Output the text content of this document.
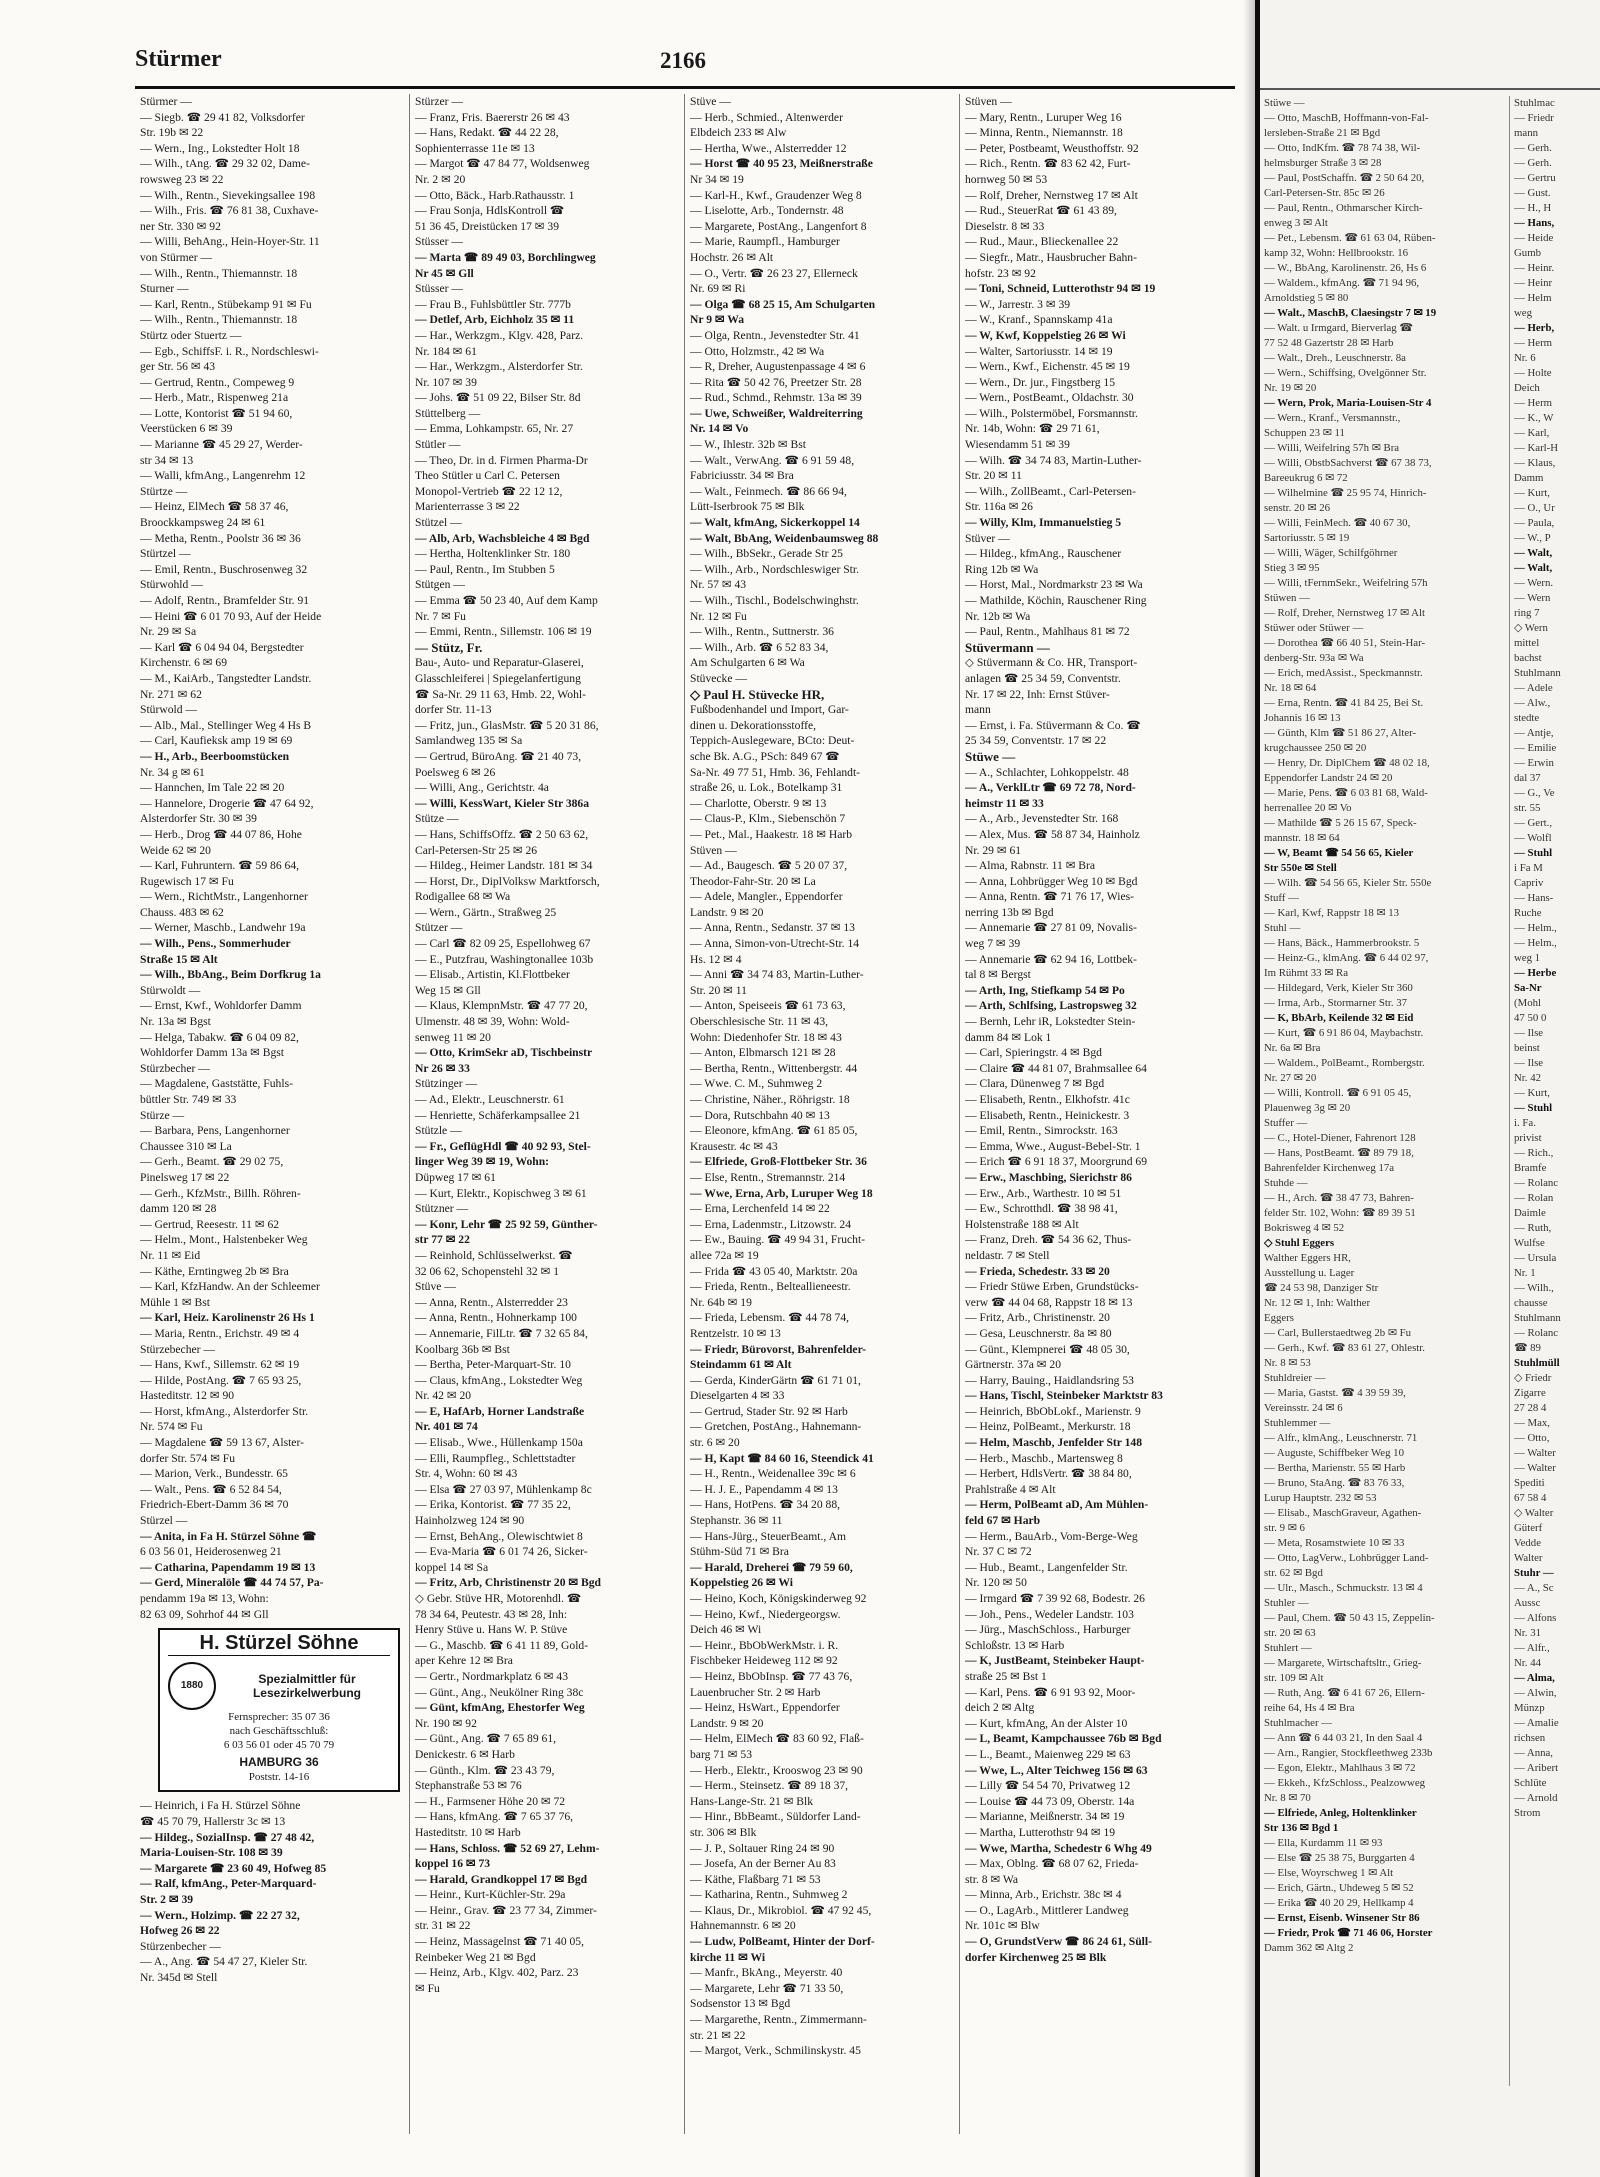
Stürmer	2166
Stürmer —
— Siegb. ☎ 29 41 82, Volksdorfer
Str. 19b ✉ 22
— Wern., Ing., Lokstedter Holt 18
— Wilh., tAng. ☎ 29 32 02, Dame-
rowsweg 23 ✉ 22
— Wilh., Rentn., Sievekingsallee 198
— Wilh., Fris. ☎ 76 81 38, Cuxhave-
ner Str. 330 ✉ 92
— Willi, BehAng., Hein-Hoyer-Str. 11
von Stürmer —
— Wilh., Rentn., Thiemannstr. 18
Sturner —
— Karl, Rentn., Stübekamp 91 ✉ Fu
— Wilh., Rentn., Thiemannstr. 18
Stürtz oder Stuertz —
— Egb., SchiffsF. i. R., Nordschleswi-
ger Str. 56 ✉ 43
— Gertrud, Rentn., Compeweg 9
— Herb., Matr., Rispenweg 21a
— Lotte, Kontorist ☎ 51 94 60,
Veerstücken 6 ✉ 39
— Marianne ☎ 45 29 27, Werder-
str 34 ✉ 13
— Walli, kfmAng., Langenrehm 12
Stürtze —
— Heinz, ElMech ☎ 58 37 46,
Broockkampsweg 24 ✉ 61
— Metha, Rentn., Poolstr 36 ✉ 36
Stürtzel —
— Emil, Rentn., Buschrosenweg 32
Stürwohld —
— Adolf, Rentn., Bramfelder Str. 91
— Heini ☎ 6 01 70 93, Auf der Heide
Nr. 29 ✉ Sa
— Karl ☎ 6 04 94 04, Bergstedter
Kirchenstr. 6 ✉ 69
— M., KaiArb., Tangstedter Landstr.
Nr. 271 ✉ 62
Stürwold —
— Alb., Mal., Stellinger Weg 4 Hs B
— Carl, Kaufieksk amp 19 ✉ 69
— H., Arb., Beerboomstücken
Nr. 34 g ✉ 61
— Hannchen, Im Tale 22 ✉ 20
— Hannelore, Drogerie ☎ 47 64 92,
Alsterdorfer Str. 30 ✉ 39
— Herb., Drog ☎ 44 07 86, Hohe
Weide 62 ✉ 20
— Karl, Fuhruntern. ☎ 59 86 64,
Rugewisch 17 ✉ Fu
— Wern., RichtMstr., Langenhorner
Chauss. 483 ✉ 62
— Werner, Maschb., Landwehr 19a
— Wilh., Pens., Sommerhuder
Straße 15 ✉ Alt
— Wilh., BbAng., Beim Dorfkrug 1a
Stürwoldt —
— Ernst, Kwf., Wohldorfer Damm
Nr. 13a ✉ Bgst
— Helga, Tabakw. ☎ 6 04 09 82,
Wohldorfer Damm 13a ✉ Bgst
Stürzbecher —
— Magdalene, Gaststätte, Fuhls-
büttler Str. 749 ✉ 33
Stürze —
— Barbara, Pens, Langenhorner
Chaussee 310 ✉ La
— Gerh., Beamt. ☎ 29 02 75,
Pinelsweg 17 ✉ 22
— Gerh., KfzMstr., Billh. Röhren-
damm 120 ✉ 28
— Gertrud, Reesestr. 11 ✉ 62
— Helm., Mont., Halstenbeker Weg
Nr. 11 ✉ Eid
— Käthe, Erntingweg 2b ✉ Bra
— Karl, KfzHandw. An der Schleemer
Mühle 1 ✉ Bst
— Karl, Heiz. Karolinenstr 26 Hs 1
— Maria, Rentn., Erichstr. 49 ✉ 4
Stürzebecher —
— Hans, Kwf., Sillemstr. 62 ✉ 19
— Hilde, PostAng. ☎ 7 65 93 25,
Hasteditstr. 12 ✉ 90
— Horst, kfmAng., Alsterdorfer Str.
Nr. 574 ✉ Fu
— Magdalene ☎ 59 13 67, Alster-
dorfer Str. 574 ✉ Fu
— Marion, Verk., Bundesstr. 65
— Walt., Pens. ☎ 6 52 84 54,
Friedrich-Ebert-Damm 36 ✉ 70
Stürzel —
— Anita, in Fa H. Stürzel Söhne ☎
6 03 56 01, Heiderosenweg 21
— Catharina, Papendamm 19 ✉ 13
— Gerd, Mineralöle ☎ 44 74 57, Pa-
pendamm 19a ✉ 13, Wohn:
82 63 09, Sohrhof 44 ✉ Gll
H. Stürzel Söhne
1880	Spezialmittler für Lesezirkelwerbung
Fernsprecher: 35 07 36
nach Geschäftsschluß:
6 03 56 01 oder 45 70 79
HAMBURG 36
Poststr. 14-16
— Heinrich, i Fa H. Stürzel Söhne
☎ 45 70 79, Hallerstr 3c ✉ 13
— Hildeg., SozialInsp. ☎ 27 48 42,
Maria-Louisen-Str. 108 ✉ 39
— Margarete ☎ 23 60 49, Hofweg 85
— Ralf, kfmAng., Peter-Marquard-
Str. 2 ✉ 39
— Wern., Holzimp. ☎ 22 27 32,
Hofweg 26 ✉ 22
Stürzenbecher —
— A., Ang. ☎ 54 47 27, Kieler Str.
Nr. 345d ✉ Stell
Stürzer —
— Franz, Fris. Baererstr 26 ✉ 43
— Hans, Redakt. ☎ 44 22 28,
Sophienterrasse 11e ✉ 13
— Margot ☎ 47 84 77, Woldsenweg
Nr. 2 ✉ 20
— Otto, Bäck., Harb.Rathausstr. 1
— Frau Sonja, HdlsKontroll ☎
51 36 45, Dreistücken 17 ✉ 39
Stüsser —
— Marta ☎ 89 49 03, Borchlingweg
Nr 45 ✉ Gll
Stüsser —
— Frau B., Fuhlsbüttler Str. 777b
— Detlef, Arb, Eichholz 35 ✉ 11
— Har., Werkzgm., Klgv. 428, Parz.
Nr. 184 ✉ 61
— Har., Werkzgm., Alsterdorfer Str.
Nr. 107 ✉ 39
— Johs. ☎ 51 09 22, Bilser Str. 8d
Stüttelberg —
— Emma, Lohkampstr. 65, Nr. 27
Stütler —
— Theo, Dr. in d. Firmen Pharma-Dr
Theo Stütler u Carl C. Petersen
Monopol-Vertrieb ☎ 22 12 12,
Marienterrasse 3 ✉ 22
Stützel —
— Alb, Arb, Wachsbleiche 4 ✉ Bgd
— Hertha, Holtenklinker Str. 180
— Paul, Rentn., Im Stubben 5
Stütgen —
— Emma ☎ 50 23 40, Auf dem Kamp
Nr. 7 ✉ Fu
— Emmi, Rentn., Sillemstr. 106 ✉ 19
— Stütz, Fr.
Bau-, Auto- und Reparatur-Glaserei,
Glasschleiferei | Spiegelanfertigung
☎ Sa-Nr. 29 11 63, Hmb. 22, Wohl-
dorfer Str. 11-13
— Fritz, jun., GlasMstr. ☎ 5 20 31 86,
Samlandweg 135 ✉ Sa
— Gertrud, BüroAng. ☎ 21 40 73,
Poelsweg 6 ✉ 26
— Willi, Ang., Gerichtstr. 4a
— Willi, KessWart, Kieler Str 386a
Stütze —
— Hans, SchiffsOffz. ☎ 2 50 63 62,
Carl-Petersen-Str 25 ✉ 26
— Hildeg., Heimer Landstr. 181 ✉ 34
— Horst, Dr., DiplVolksw Marktforsch,
Rodigallee 68 ✉ Wa
— Wern., Gärtn., Straßweg 25
Stützer —
— Carl ☎ 82 09 25, Espellohweg 67
— E., Putzfrau, Washingtonallee 103b
— Elisab., Artistin, Kl.Flottbeker
Weg 15 ✉ Gll
— Klaus, KlempnMstr. ☎ 47 77 20,
Ulmenstr. 48 ✉ 39, Wohn: Wold-
senweg 11 ✉ 20
— Otto, KrimSekr aD, Tischbeinstr
Nr 26 ✉ 33
Stützinger —
— Ad., Elektr., Leuschnerstr. 61
— Henriette, Schäferkampsallee 21
Stützle —
— Fr., GeflügHdl ☎ 40 92 93, Stel-
linger Weg 39 ✉ 19, Wohn:
Düpweg 17 ✉ 61
— Kurt, Elektr., Kopischweg 3 ✉ 61
Stützner —
— Konr, Lehr ☎ 25 92 59, Günther-
str 77 ✉ 22
— Reinhold, Schlüsselwerkst. ☎
32 06 62, Schopenstehl 32 ✉ 1
Stüve —
— Anna, Rentn., Alsterredder 23
— Anna, Rentn., Hohnerkamp 100
— Annemarie, FilLtr. ☎ 7 32 65 84,
Koolbarg 36b ✉ Bst
— Bertha, Peter-Marquart-Str. 10
— Claus, kfmAng., Lokstedter Weg
Nr. 42 ✉ 20
— E, HafArb, Horner Landstraße
Nr. 401 ✉ 74
— Elisab., Wwe., Hüllenkamp 150a
— Elli, Raumpfleg., Schlettstadter
Str. 4, Wohn: 60 ✉ 43
— Elsa ☎ 27 03 97, Mühlenkamp 8c
— Erika, Kontorist. ☎ 77 35 22,
Hainholzweg 124 ✉ 90
— Ernst, BehAng., Olewischtwiet 8
— Eva-Maria ☎ 6 01 74 26, Sicker-
koppel 14 ✉ Sa
— Fritz, Arb, Christinenstr 20 ✉ Bgd
◇ Gebr. Stüve HR, Motorenhdl. ☎
78 34 64, Peutestr. 43 ✉ 28, Inh:
Henry Stüve u. Hans W. P. Stüve
— G., Maschb. ☎ 6 41 11 89, Gold-
aper Kehre 12 ✉ Bra
— Gertr., Nordmarkplatz 6 ✉ 43
— Günt., Ang., Neukölner Ring 38c
— Günt, kfmAng, Ehestorfer Weg
Nr. 190 ✉ 92
— Günt., Ang. ☎ 7 65 89 61,
Denickestr. 6 ✉ Harb
— Günth., Klm. ☎ 23 43 79,
Stephanstraße 53 ✉ 76
— H., Farmsener Höhe 20 ✉ 72
— Hans, kfmAng. ☎ 7 65 37 76,
Hasteditstr. 10 ✉ Harb
— Hans, Schloss. ☎ 52 69 27, Lehm-
koppel 16 ✉ 73
— Harald, Grandkoppel 17 ✉ Bgd
— Heinr., Kurt-Küchler-Str. 29a
— Heinr., Grav. ☎ 23 77 34, Zimmer-
str. 31 ✉ 22
— Heinz, Massagelnst ☎ 71 40 05,
Reinbeker Weg 21 ✉ Bgd
— Heinz, Arb., Klgv. 402, Parz. 23
✉ Fu
Stüve —
— Herb., Schmied., Altenwerder
Elbdeich 233 ✉ Alw
— Hertha, Wwe., Alsterredder 12
— Horst ☎ 40 95 23, Meißnerstraße
Nr 34 ✉ 19
— Karl-H., Kwf., Graudenzer Weg 8
— Liselotte, Arb., Tondernstr. 48
— Margarete, PostAng., Langenfort 8
— Marie, Raumpfl., Hamburger
Hochstr. 26 ✉ Alt
— O., Vertr. ☎ 26 23 27, Ellerneck
Nr. 69 ✉ Ri
— Olga ☎ 68 25 15, Am Schulgarten
Nr 9 ✉ Wa
— Olga, Rentn., Jevenstedter Str. 41
— Otto, Holzmstr., 42 ✉ Wa
— R, Dreher, Augustenpassage 4 ✉ 6
— Rita ☎ 50 42 76, Preetzer Str. 28
— Rud., Schmd., Rehmstr. 13a ✉ 39
— Uwe, Schweißer, Waldreiterring
Nr. 14 ✉ Vo
— W., Ihlestr. 32b ✉ Bst
— Walt., VerwAng. ☎ 6 91 59 48,
Fabriciusstr. 34 ✉ Bra
— Walt., Feinmech. ☎ 86 66 94,
Lütt-Iserbrook 75 ✉ Blk
— Walt, kfmAng, Sickerkoppel 14
— Walt, BbAng, Weidenbaumsweg 88
— Wilh., BbSekr., Gerade Str 25
— Wilh., Arb., Nordschleswiger Str.
Nr. 57 ✉ 43
— Wilh., Tischl., Bodelschwinghstr.
Nr. 12 ✉ Fu
— Wilh., Rentn., Suttnerstr. 36
— Wilh., Arb. ☎ 6 52 83 34,
Am Schulgarten 6 ✉ Wa
Stüvecke —
◇ Paul H. Stüvecke HR,
Fußbodenhandel und Import, Gar-
dinen u. Dekorationsstoffe,
Teppich-Auslegeware, BCto: Deut-
sche Bk. A.G., PSch: 849 67 ☎
Sa-Nr. 49 77 51, Hmb. 36, Fehlandt-
straße 26, u. Lok., Botelkamp 31
— Charlotte, Oberstr. 9 ✉ 13
— Claus-P., Klm., Siebenschön 7
— Pet., Mal., Haakestr. 18 ✉ Harb
Stüven —
— Ad., Baugesch. ☎ 5 20 07 37,
Theodor-Fahr-Str. 20 ✉ La
— Adele, Mangler., Eppendorfer
Landstr. 9 ✉ 20
— Anna, Rentn., Sedanstr. 37 ✉ 13
— Anna, Simon-von-Utrecht-Str. 14
Hs. 12 ✉ 4
— Anni ☎ 34 74 83, Martin-Luther-
Str. 20 ✉ 11
— Anton, Speiseeis ☎ 61 73 63,
Oberschlesische Str. 11 ✉ 43,
Wohn: Diedenhofer Str. 18 ✉ 43
— Anton, Elbmarsch 121 ✉ 28
— Bertha, Rentn., Wittenbergstr. 44
— Wwe. C. M., Suhmweg 2
— Christine, Näher., Röhrigstr. 18
— Dora, Rutschbahn 40 ✉ 13
— Eleonore, kfmAng. ☎ 61 85 05,
Krausestr. 4c ✉ 43
— Elfriede, Groß-Flottbeker Str. 36
— Else, Rentn., Stremannstr. 214
— Wwe, Erna, Arb, Luruper Weg 18
— Erna, Lerchenfeld 14 ✉ 22
— Erna, Ladenmstr., Litzowstr. 24
— Ew., Bauing. ☎ 49 94 31, Frucht-
allee 72a ✉ 19
— Frida ☎ 43 05 40, Marktstr. 20a
— Frieda, Rentn., Belteallieneestr.
Nr. 64b ✉ 19
— Frieda, Lebensm. ☎ 44 78 74,
Rentzelstr. 10 ✉ 13
— Friedr, Bürovorst, Bahrenfelder-
Steindamm 61 ✉ Alt
— Gerda, KinderGärtn ☎ 61 71 01,
Dieselgarten 4 ✉ 33
— Gertrud, Stader Str. 92 ✉ Harb
— Gretchen, PostAng., Hahnemann-
str. 6 ✉ 20
— H, Kapt ☎ 84 60 16, Steendick 41
— H., Rentn., Weidenallee 39c ✉ 6
— H. J. E., Papendamm 4 ✉ 13
— Hans, HotPens. ☎ 34 20 88,
Stephanstr. 36 ✉ 11
— Hans-Jürg., SteuerBeamt., Am
Stühm-Süd 71 ✉ Bra
— Harald, Dreherei ☎ 79 59 60,
Koppelstieg 26 ✉ Wi
— Heino, Koch, Königskinderweg 92
— Heino, Kwf., Niedergeorgsw.
Deich 46 ✉ Wi
— Heinr., BbObWerkMstr. i. R.
Fischbeker Heideweg 112 ✉ 92
— Heinz, BbObInsp. ☎ 77 43 76,
Lauenbrucher Str. 2 ✉ Harb
— Heinz, HsWart., Eppendorfer
Landstr. 9 ✉ 20
— Helm, ElMech ☎ 83 60 92, Flaß-
barg 71 ✉ 53
— Herb., Elektr., Krooswog 23 ✉ 90
— Herm., Steinsetz. ☎ 89 18 37,
Hans-Lange-Str. 21 ✉ Blk
— Hinr., BbBeamt., Süldorfer Land-
str. 306 ✉ Blk
— J. P., Soltauer Ring 24 ✉ 90
— Josefa, An der Berner Au 83
— Käthe, Flaßbarg 71 ✉ 53
— Katharina, Rentn., Suhmweg 2
— Klaus, Dr., Mikrobiol. ☎ 47 92 45,
Hahnemannstr. 6 ✉ 20
— Ludw, PolBeamt, Hinter der Dorf-
kirche 11 ✉ Wi
— Manfr., BkAng., Meyerstr. 40
— Margarete, Lehr ☎ 71 33 50,
Sodsenstor 13 ✉ Bgd
— Margarethe, Rentn., Zimmermann-
str. 21 ✉ 22
— Margot, Verk., Schmilinskystr. 45
Stüven —
— Mary, Rentn., Luruper Weg 16
— Minna, Rentn., Niemannstr. 18
— Peter, Postbeamt, Weusthoffstr. 92
— Rich., Rentn. ☎ 83 62 42, Furt-
hornweg 50 ✉ 53
— Rolf, Dreher, Nernstweg 17 ✉ Alt
— Rud., SteuerRat ☎ 61 43 89,
Dieselstr. 8 ✉ 33
— Rud., Maur., Blieckenallee 22
— Siegfr., Matr., Hausbrucher Bahn-
hofstr. 23 ✉ 92
— Toni, Schneid, Lutterothstr 94 ✉ 19
— W., Jarrestr. 3 ✉ 39
— W., Kranf., Spannskamp 41a
— W, Kwf, Koppelstieg 26 ✉ Wi
— Walter, Sartoriusstr. 14 ✉ 19
— Wern., Kwf., Eichenstr. 45 ✉ 19
— Wern., Dr. jur., Fingstberg 15
— Wern., PostBeamt., Oldachstr. 30
— Wilh., Polstermöbel, Forsmannstr.
Nr. 14b, Wohn: ☎ 29 71 61,
Wiesendamm 51 ✉ 39
— Wilh. ☎ 34 74 83, Martin-Luther-
Str. 20 ✉ 11
— Wilh., ZollBeamt., Carl-Petersen-
Str. 116a ✉ 26
— Willy, Klm, Immanuelstieg 5
Stüver —
— Hildeg., kfmAng., Rauschener
Ring 12b ✉ Wa
— Horst, Mal., Nordmarkstr 23 ✉ Wa
— Mathilde, Köchin, Rauschener Ring
Nr. 12b ✉ Wa
— Paul, Rentn., Mahlhaus 81 ✉ 72
Stüvermann —
◇ Stüvermann & Co. HR, Transport-
anlagen ☎ 25 34 59, Conventstr.
Nr. 17 ✉ 22, Inh: Ernst Stüver-
mann
— Ernst, i. Fa. Stüvermann & Co. ☎
25 34 59, Conventstr. 17 ✉ 22
Stüwe —
— A., Schlachter, Lohkoppelstr. 48
— A., VerklLtr ☎ 69 72 78, Nord-
heimstr 11 ✉ 33
— A., Arb., Jevenstedter Str. 168
— Alex, Mus. ☎ 58 87 34, Hainholz
Nr. 29 ✉ 61
— Alma, Rabnstr. 11 ✉ Bra
— Anna, Lohbrügger Weg 10 ✉ Bgd
— Anna, Rentn. ☎ 71 76 17, Wies-
nerring 13b ✉ Bgd
— Annemarie ☎ 27 81 09, Novalis-
weg 7 ✉ 39
— Annemarie ☎ 62 94 16, Lottbek-
tal 8 ✉ Bergst
— Arth, Ing, Stiefkamp 54 ✉ Po
— Arth, Schlfsing, Lastropsweg 32
— Bernh, Lehr iR, Lokstedter Stein-
damm 84 ✉ Lok 1
— Carl, Spieringstr. 4 ✉ Bgd
— Claire ☎ 44 81 07, Brahmsallee 64
— Clara, Dünenweg 7 ✉ Bgd
— Elisabeth, Rentn., Elkhofstr. 41c
— Elisabeth, Rentn., Heinickestr. 3
— Emil, Rentn., Simrockstr. 163
— Emma, Wwe., August-Bebel-Str. 1
— Erich ☎ 6 91 18 37, Moorgrund 69
— Erw., Maschbing, Sierichstr 86
— Erw., Arb., Warthestr. 10 ✉ 51
— Ew., Schrotthdl. ☎ 38 98 41,
Holstenstraße 188 ✉ Alt
— Franz, Dreh. ☎ 54 36 62, Thus-
neldastr. 7 ✉ Stell
— Frieda, Schedestr. 33 ✉ 20
— Friedr Stüwe Erben, Grundstücks-
verw ☎ 44 04 68, Rappstr 18 ✉ 13
— Fritz, Arb., Christinenstr. 20
— Gesa, Leuschnerstr. 8a ✉ 80
— Günt., Klempnerei ☎ 48 05 30,
Gärtnerstr. 37a ✉ 20
— Harry, Bauing., Haidlandsring 53
— Hans, Tischl, Steinbeker Marktstr 83
— Heinrich, BbObLokf., Marienstr. 9
— Heinz, PolBeamt., Merkurstr. 18
— Helm, Maschb, Jenfelder Str 148
— Herb., Maschb., Martensweg 8
— Herbert, HdlsVertr. ☎ 38 84 80,
Prahlstraße 4 ✉ Alt
— Herm, PolBeamt aD, Am Mühlen-
feld 67 ✉ Harb
— Herm., BauArb., Vom-Berge-Weg
Nr. 37 C ✉ 72
— Hub., Beamt., Langenfelder Str.
Nr. 120 ✉ 50
— Irmgard ☎ 7 39 92 68, Bodestr. 26
— Joh., Pens., Wedeler Landstr. 103
— Jürg., MaschSchloss., Harburger
Schloßstr. 13 ✉ Harb
— K, JustBeamt, Steinbeker Haupt-
straße 25 ✉ Bst 1
— Karl, Pens. ☎ 6 91 93 92, Moor-
deich 2 ✉ Altg
— Kurt, kfmAng, An der Alster 10
— L, Beamt, Kampchaussee 76b ✉ Bgd
— L., Beamt., Maienweg 229 ✉ 63
— Wwe, L., Alter Teichweg 156 ✉ 63
— Lilly ☎ 54 54 70, Privatweg 12
— Louise ☎ 44 73 09, Oberstr. 14a
— Marianne, Meißnerstr. 34 ✉ 19
— Martha, Lutterothstr 94 ✉ 19
— Wwe, Martha, Schedestr 6 Whg 49
— Max, Oblng. ☎ 68 07 62, Frieda-
str. 8 ✉ Wa
— Minna, Arb., Erichstr. 38c ✉ 4
— O., LagArb., Mittlerer Landweg
Nr. 101c ✉ Blw
— O, GrundstVerw ☎ 86 24 61, Süll-
dorfer Kirchenweg 25 ✉ Blk
Stüwe —
— Otto, MaschB, Hoffmann-von-Fal-
lersleben-Straße 21 ✉ Bgd
— Otto, IndKfm. ☎ 78 74 38, Wil-
helmsburger Straße 3 ✉ 28
— Paul, PostSchaffn. ☎ 2 50 64 20,
Carl-Petersen-Str. 85c ✉ 26
— Paul, Rentn., Othmarscher Kirch-
enweg 3 ✉ Alt
— Pet., Lebensm. ☎ 61 63 04, Rüben-
kamp 32, Wohn: Hellbrookstr. 16
— W., BbAng, Karolinenstr. 26, Hs 6
— Waldem., kfmAng. ☎ 71 94 96,
Arnoldstieg 5 ✉ 80
— Walt., MaschB, Claesingstr 7 ✉ 19
— Walt. u Irmgard, Bierverlag ☎
77 52 48 Gazertstr 28 ✉ Harb
— Walt., Dreh., Leuschnerstr. 8a
— Wern., Schiffsing, Ovelgönner Str.
Nr. 19 ✉ 20
— Wern, Prok, Maria-Louisen-Str 4
— Wern., Kranf., Versmannstr.,
Schuppen 23 ✉ 11
— Willi, Weifelring 57h ✉ Bra
— Willi, ObstbSachverst ☎ 67 38 73,
Bareeukrug 6 ✉ 72
— Wilhelmine ☎ 25 95 74, Hinrich-
senstr. 20 ✉ 26
— Willi, FeinMech. ☎ 40 67 30,
Sartoriusstr. 5 ✉ 19
— Willi, Wäger, Schilfgöhrner
Stieg 3 ✉ 95
— Willi, tFernmSekr., Weifelring 57h
Stüwen —
— Rolf, Dreher, Nernstweg 17 ✉ Alt
Stüwer oder Stüwer —
— Dorothea ☎ 66 40 51, Stein-Har-
denberg-Str. 93a ✉ Wa
— Erich, medAssist., Speckmannstr.
Nr. 18 ✉ 64
— Erna, Rentn. ☎ 41 84 25, Bei St.
Johannis 16 ✉ 13
— Günth, Klm ☎ 51 86 27, Alter-
krugchaussee 250 ✉ 20
— Henry, Dr. DiplChem ☎ 48 02 18,
Eppendorfer Landstr 24 ✉ 20
— Marie, Pens. ☎ 6 03 81 68, Wald-
herrenallee 20 ✉ Vo
— Mathilde ☎ 5 26 15 67, Speck-
mannstr. 18 ✉ 64
— W, Beamt ☎ 54 56 65, Kieler
Str 550e ✉ Stell
— Wilh. ☎ 54 56 65, Kieler Str. 550e
Stuff —
— Karl, Kwf, Rappstr 18 ✉ 13
Stuhl —
— Hans, Bäck., Hammerbrookstr. 5
— Heinz-G., klmAng. ☎ 6 44 02 97,
Im Rühmt 33 ✉ Ra
— Hildegard, Verk, Kieler Str 360
— Irma, Arb., Stormarner Str. 37
— K, BbArb, Keilende 32 ✉ Eid
— Kurt, ☎ 6 91 86 04, Maybachstr.
Nr. 6a ✉ Bra
— Waldem., PolBeamt., Rombergstr.
Nr. 27 ✉ 20
— Willi, Kontroll. ☎ 6 91 05 45,
Plauenweg 3g ✉ 20
Stuffer —
— C., Hotel-Diener, Fahrenort 128
— Hans, PostBeamt. ☎ 89 79 18,
Bahrenfelder Kirchenweg 17a
Stuhde —
— H., Arch. ☎ 38 47 73, Bahren-
felder Str. 102, Wohn: ☎ 89 39 51
Bokrisweg 4 ✉ 52
◇ Stuhl Eggers
Walther Eggers HR,
Ausstellung u. Lager
☎ 24 53 98, Danziger Str
Nr. 12 ✉ 1, Inh: Walther
Eggers
— Carl, Bullerstaedtweg 2b ✉ Fu
— Gerh., Kwf. ☎ 83 61 27, Ohlestr.
Nr. 8 ✉ 53
Stuhldreier —
— Maria, Gastst. ☎ 4 39 59 39,
Vereinsstr. 24 ✉ 6
Stuhlemmer —
— Alfr., klmAng., Leuschnerstr. 71
— Auguste, Schiffbeker Weg 10
— Bertha, Marienstr. 55 ✉ Harb
— Bruno, StaAng. ☎ 83 76 33,
Lurup Hauptstr. 232 ✉ 53
— Elisab., MaschGraveur, Agathen-
str. 9 ✉ 6
— Meta, Rosamstwiete 10 ✉ 33
— Otto, LagVerw., Lohbrügger Land-
str. 62 ✉ Bgd
— Ulr., Masch., Schmuckstr. 13 ✉ 4
Stuhler —
— Paul, Chem. ☎ 50 43 15, Zeppelin-
str. 20 ✉ 63
Stuhlert —
— Margarete, Wirtschaftsltr., Grieg-
str. 109 ✉ Alt
— Ruth, Ang. ☎ 6 41 67 26, Ellern-
reihe 64, Hs 4 ✉ Bra
Stuhlmacher —
— Ann ☎ 6 44 03 21, In den Saal 4
— Arn., Rangier, Stockfleethweg 233b
— Egon, Elektr., Mahlhaus 3 ✉ 72
— Ekkeh., KfzSchloss., Pealzowweg
Nr. 8 ✉ 70
— Elfriede, Anleg, Holtenklinker
Str 136 ✉ Bgd 1
— Ella, Kurdamm 11 ✉ 93
— Else ☎ 25 38 75, Burggarten 4
— Else, Woyrschweg 1 ✉ Alt
— Erich, Gärtn., Uhdeweg 5 ✉ 52
— Erika ☎ 40 20 29, Hellkamp 4
— Ernst, Eisenb. Winsener Str 86
— Friedr, Prok ☎ 71 46 06, Horster
Damm 362 ✉ Altg 2
Stuhlmac
— Friedr
mann
— Gerh.
— Gerh.
— Gertru
— Gust.
— H., H
— Hans,
— Heide
Gumb
— Heinr.
— Heinr
— Helm
weg
— Herb,
— Herm
Nr. 6
— Holte
Deich
— Herm
— K., W
— Karl,
— Karl-H
— Klaus,
Damm
— Kurt,
— O., Ur
— Paula,
— W., P
— Walt,
— Walt,
— Wern.
— Wern
ring 7
◇ Wern
mittel
bachst
Stuhlmann
— Adele
— Alw.,
stedte
— Antje,
— Emilie
— Erwin
dal 37
— G., Ve
str. 55
— Gert.,
— Wolfl
— Stuhl
i Fa M
Capriv
— Hans-
Ruche
— Helm.,
— Helm.,
weg 1
— Herbe
Sa-Nr
(Mohl
47 50 0
— Ilse
beinst
— Ilse
Nr. 42
— Kurt,
— Stuhl
i. Fa.
privist
— Rich.,
Bramfe
— Rolanc
— Rolan
Daimle
— Ruth,
Wulfse
— Ursula
Nr. 1
— Wilh.,
chausse
Stuhlmann
— Rolanc
☎ 89
Stuhlmüll
◇ Friedr
Zigarre
27 28 4
— Max,
— Otto,
— Walter
— Walter
Spediti
67 58 4
◇ Walter
Güterf
Vedde
Walter
Stuhr —
— A., Sc
Aussc
— Alfons
Nr. 31
— Alfr.,
Nr. 44
— Alma,
— Alwin,
Münzp
— Amalie
richsen
— Anna,
— Aribert
Schlüte
— Arnold
Strom
